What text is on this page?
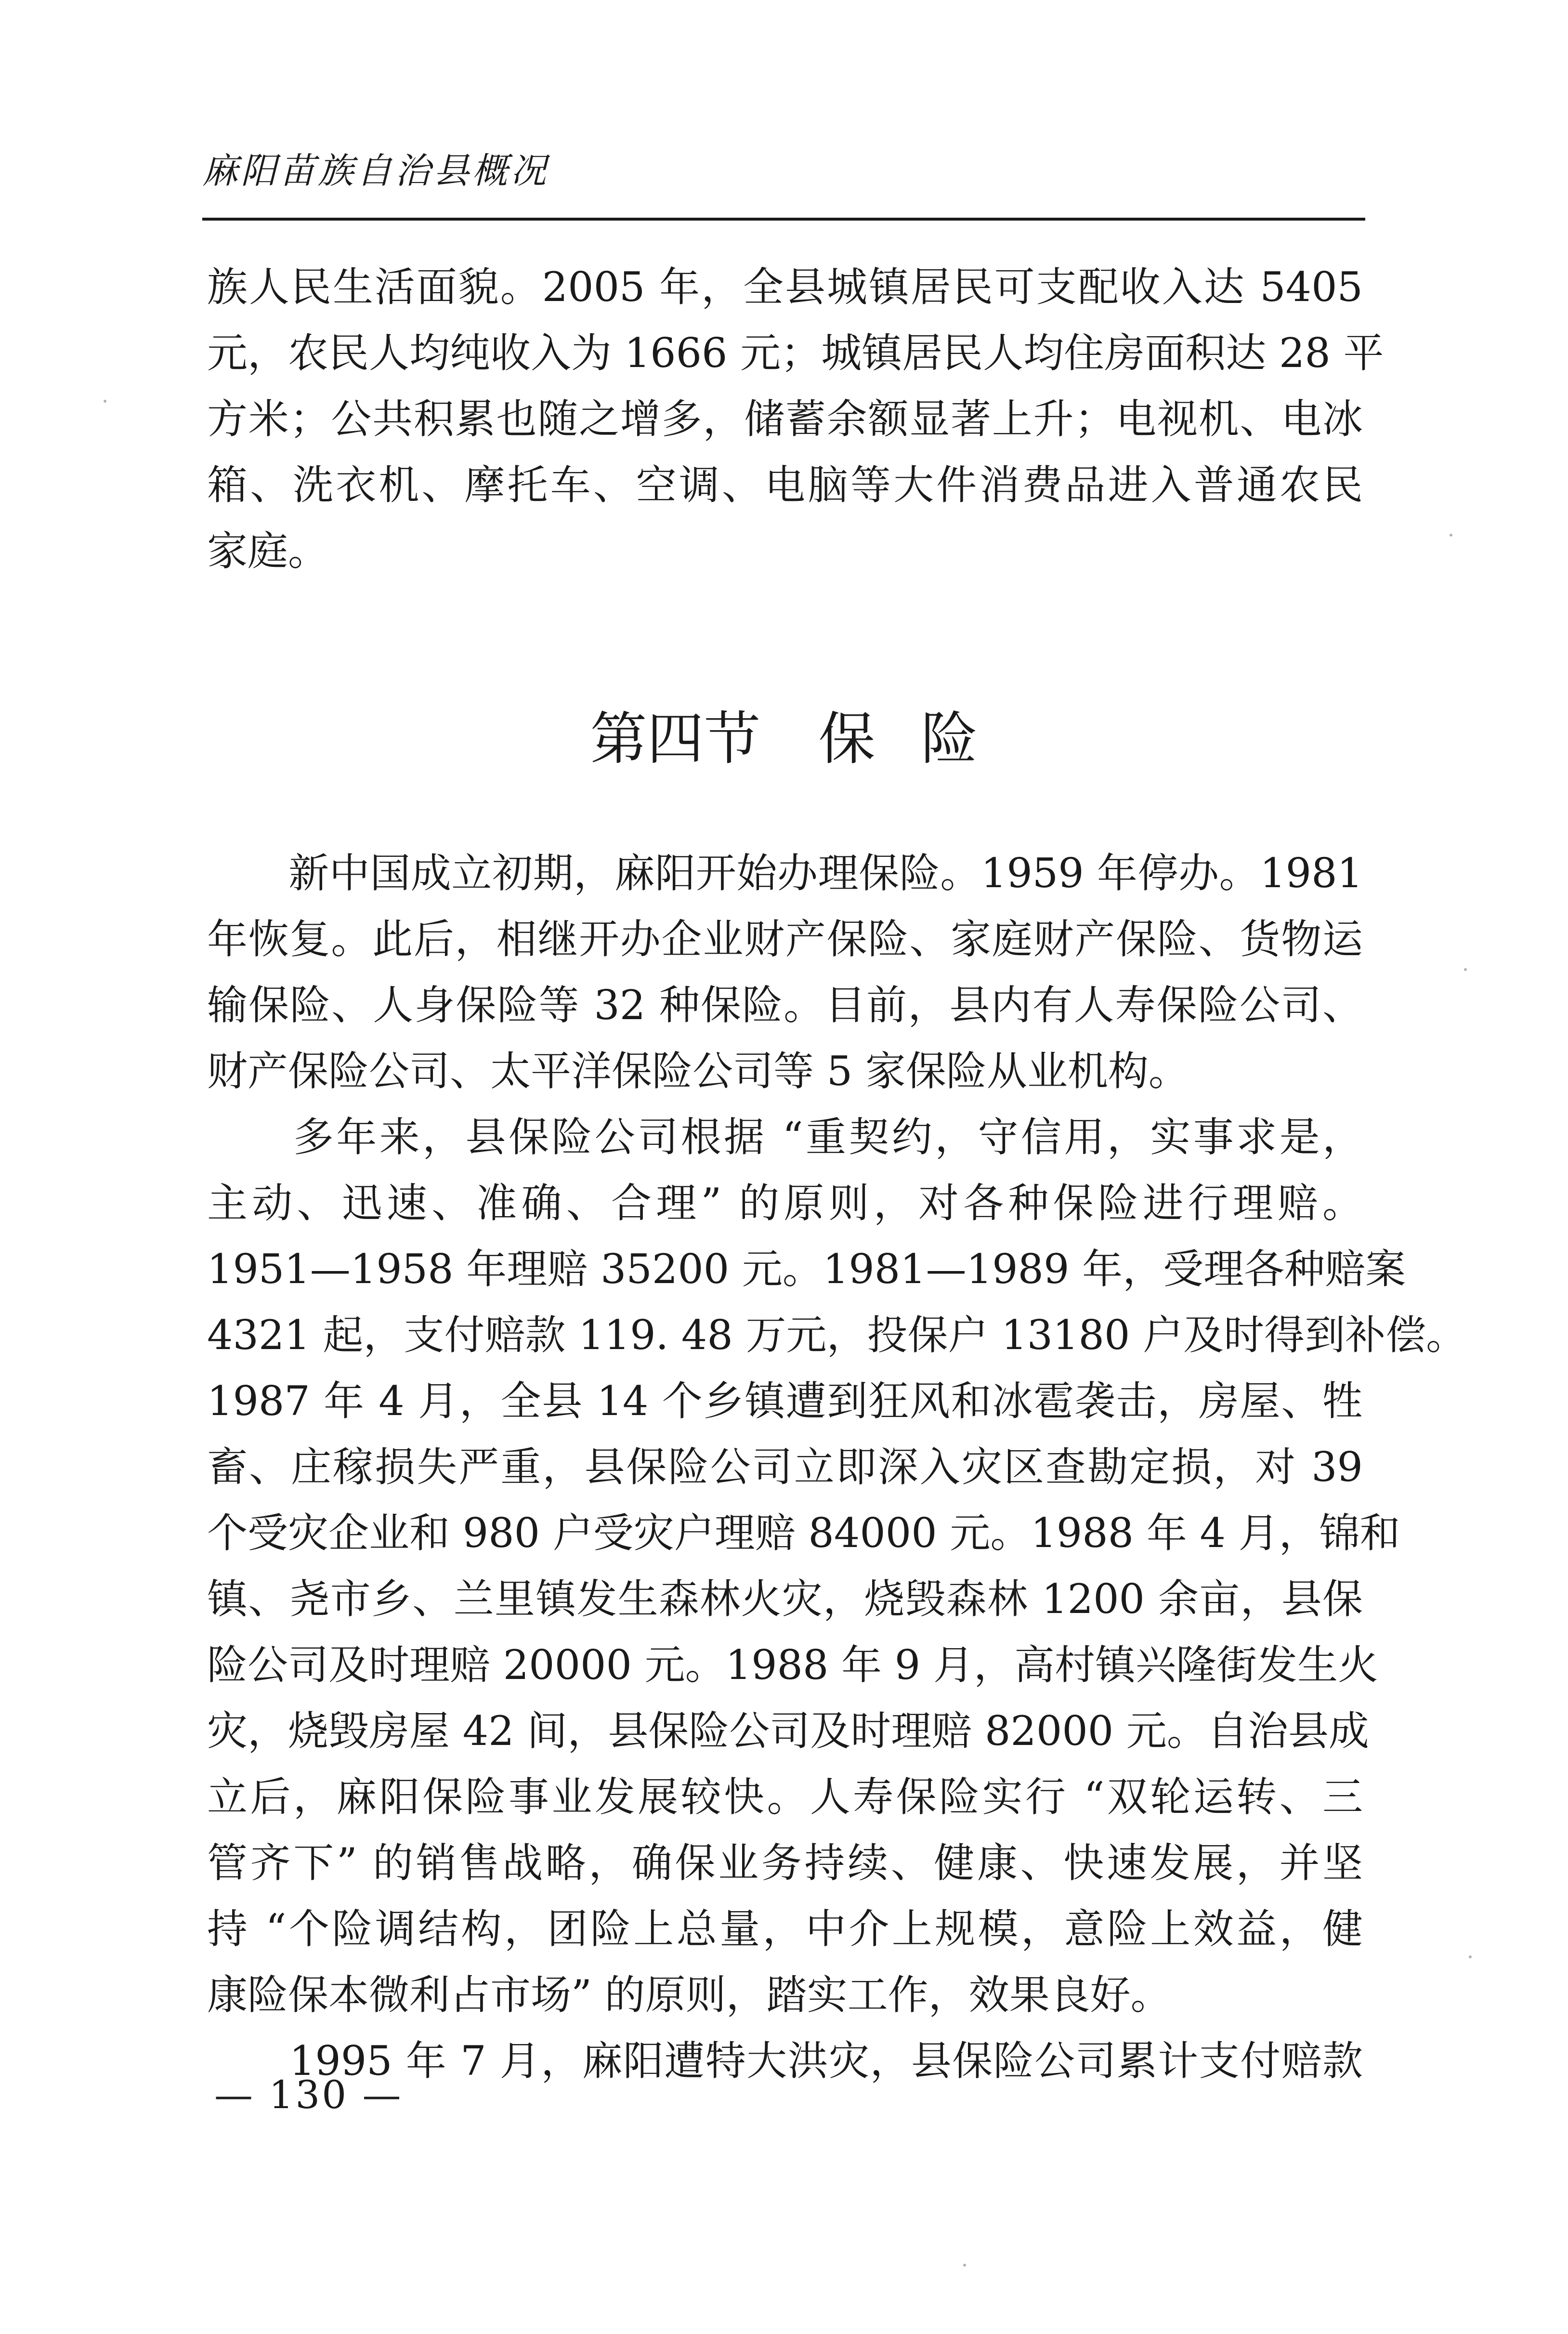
麻阳苗族自治县概况
族人民生活面貌。2005 年，全县城镇居民可支配收入达 5405
元，农民人均纯收入为 1666 元；城镇居民人均住房面积达 28 平
方米；公共积累也随之增多，储蓄余额显著上升；电视机、电冰
箱、洗衣机、摩托车、空调、电脑等大件消费品进入普通农民
家庭。
第四节 保 险
　　新中国成立初期，麻阳开始办理保险。1959 年停办。1981
年恢复。此后，相继开办企业财产保险、家庭财产保险、货物运
输保险、人身保险等 32 种保险。目前，县内有人寿保险公司、
财产保险公司、太平洋保险公司等 5 家保险从业机构。
　　多年来，县保险公司根据 “重契约，守信用，实事求是，
主动、迅速、准确、合理” 的原则，对各种保险进行理赔。
1951—1958 年理赔 35200 元。1981—1989 年，受理各种赔案
4321 起，支付赔款 119. 48 万元，投保户 13180 户及时得到补偿。
1987 年 4 月，全县 14 个乡镇遭到狂风和冰雹袭击，房屋、牲
畜、庄稼损失严重，县保险公司立即深入灾区查勘定损，对 39
个受灾企业和 980 户受灾户理赔 84000 元。1988 年 4 月，锦和
镇、尧市乡、兰里镇发生森林火灾，烧毁森林 1200 余亩，县保
险公司及时理赔 20000 元。1988 年 9 月，高村镇兴隆街发生火
灾，烧毁房屋 42 间，县保险公司及时理赔 82000 元。自治县成
立后，麻阳保险事业发展较快。人寿保险实行 “双轮运转、三
管齐下” 的销售战略，确保业务持续、健康、快速发展，并坚
持 “个险调结构，团险上总量，中介上规模，意险上效益，健
康险保本微利占市场” 的原则，踏实工作，效果良好。
　　1995 年 7 月，麻阳遭特大洪灾，县保险公司累计支付赔款
— 130 —
